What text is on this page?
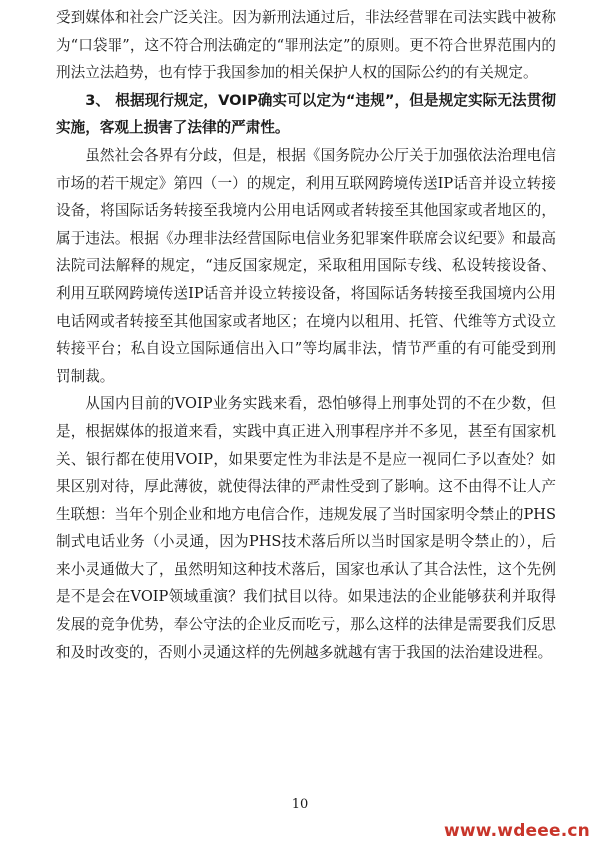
受到媒体和社会广泛关注。因为新刑法通过后，非法经营罪在司法实践中被称为“口袋罪”，这不符合刑法确定的“罪刑法定”的原则。更不符合世界范围内的刑法立法趋势，也有悖于我国参加的相关保护人权的国际公约的有关规定。

3、 根据现行规定，VOIP确实可以定为“违规”，但是规定实际无法贯彻实施，客观上损害了法律的严肃性。

虽然社会各界有分歧，但是，根据《国务院办公厅关于加强依法治理电信市场的若干规定》第四（一）的规定，利用互联网跨境传送IP话音并设立转接设备，将国际话务转接至我境内公用电话网或者转接至其他国家或者地区的，属于违法。根据《办理非法经营国际电信业务犯罪案件联席会议纪要》和最高法院司法解释的规定，“违反国家规定，采取租用国际专线、私设转接设备、利用互联网跨境传送IP话音并设立转接设备，将国际话务转接至我国境内公用电话网或者转接至其他国家或者地区；在境内以租用、托管、代维等方式设立转接平台；私自设立国际通信出入口”等均属非法，情节严重的有可能受到刑罚制裁。

从国内目前的VOIP业务实践来看，恐怕够得上刑事处罚的不在少数，但是，根据媒体的报道来看，实践中真正进入刑事程序并不多见，甚至有国家机关、银行都在使用VOIP，如果要定性为非法是不是应一视同仁予以查处？如果区别对待，厚此薄彼，就使得法律的严肃性受到了影响。这不由得不让人产生联想：当年个别企业和地方电信合作，违规发展了当时国家明令禁止的PHS制式电话业务（小灵通，因为PHS技术落后所以当时国家是明令禁止的），后来小灵通做大了，虽然明知这种技术落后，国家也承认了其合法性，这个先例是不是会在VOIP领域重演？我们拭目以待。如果违法的企业能够获利并取得发展的竞争优势，奉公守法的企业反而吃亏，那么这样的法律是需要我们反思和及时改变的，否则小灵通这样的先例越多就越有害于我国的法治建设进程。

10
www.wdeee.cn
